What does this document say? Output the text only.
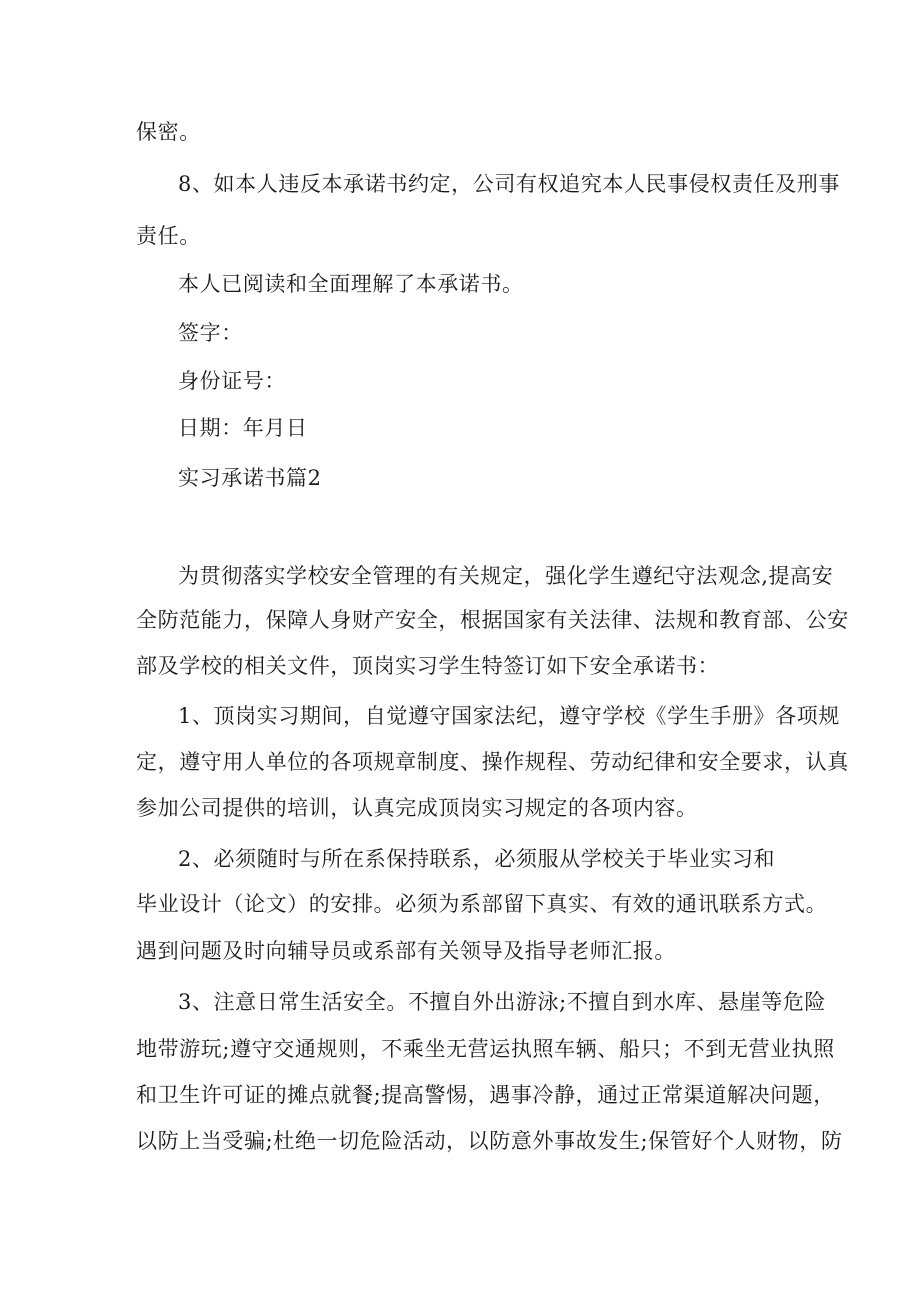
保密。
8、如本人违反本承诺书约定，公司有权追究本人民事侵权责任及刑事
责任。
本人已阅读和全面理解了本承诺书。
签字：
身份证号：
日期：年月日
实习承诺书篇2
为贯彻落实学校安全管理的有关规定，强化学生遵纪守法观念,提高安
全防范能力，保障人身财产安全，根据国家有关法律、法规和教育部、公安
部及学校的相关文件，顶岗实习学生特签订如下安全承诺书：
1、顶岗实习期间，自觉遵守国家法纪，遵守学校《学生手册》各项规
定，遵守用人单位的各项规章制度、操作规程、劳动纪律和安全要求，认真
参加公司提供的培训，认真完成顶岗实习规定的各项内容。
2、必须随时与所在系保持联系，必须服从学校关于毕业实习和
毕业设计（论文）的安排。必须为系部留下真实、有效的通讯联系方式。
遇到问题及时向辅导员或系部有关领导及指导老师汇报。
3、注意日常生活安全。不擅自外出游泳;不擅自到水库、悬崖等危险
地带游玩;遵守交通规则，不乘坐无营运执照车辆、船只；不到无营业执照
和卫生许可证的摊点就餐;提高警惕，遇事冷静，通过正常渠道解决问题，
以防上当受骗;杜绝一切危险活动，以防意外事故发生;保管好个人财物，防
